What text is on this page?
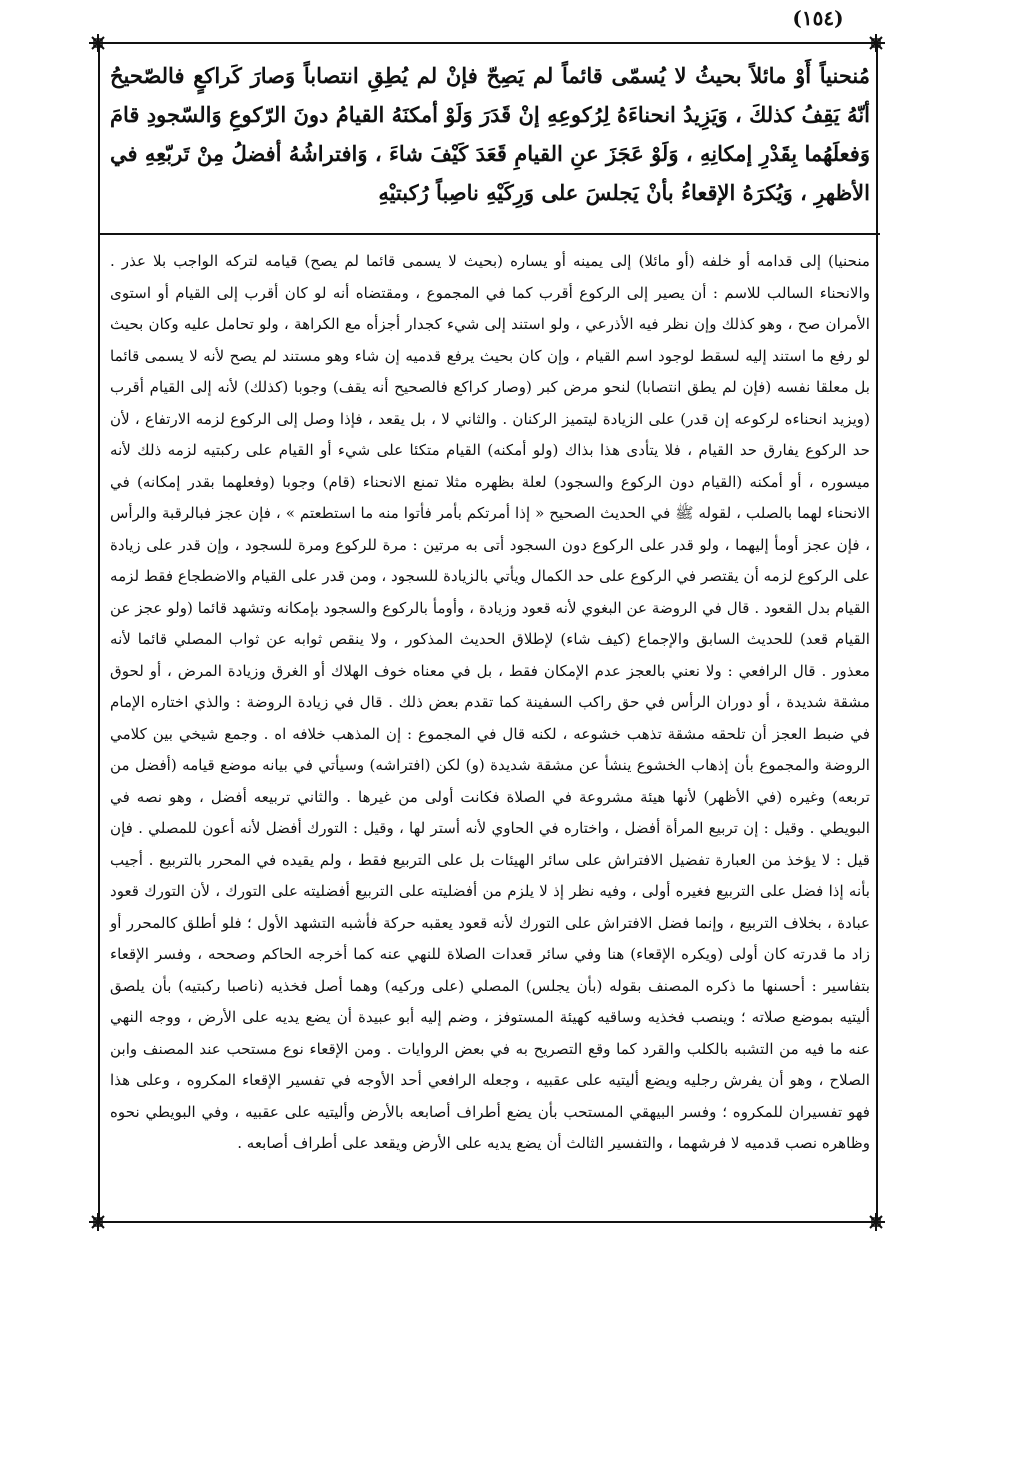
(١٥٤)
مُنحنياً أَوْ مائلاً بحيثُ لا يُسمّى قائماً لم يَصِحّ فإنْ لم يُطِقِ انتصاباً وَصارَ كَراكعٍ فالصّحيحُ أنّهُ يَقِفُ كذلكَ ، وَيَزِيدُ انحناءَهُ لِرُكوعِهِ إنْ قَدَرَ وَلَوْ أمكنَهُ القيامُ دونَ الرّكوعِ وَالسّجودِ قامَ وَفعلَهُما بِقَدْرِ إمكانِهِ ، وَلَوْ عَجَزَ عنِ القيامِ قَعَدَ كَيْفَ شاءَ ، وَافتراشُهُ أفضلُ مِنْ تَربّعِهِ في الأظهرِ ، وَيُكرَهُ الإقعاءُ بأنْ يَجلسَ على وَرِكَيْهِ ناصِباً رُكبتيْهِ

منحنيا) إلى قدامه أو خلفه (أو مائلا) إلى يمينه أو يساره (بحيث لا يسمى قائما لم يصح) قيامه لتركه الواجب بلا عذر . والانحناء السالب للاسم : أن يصير إلى الركوع أقرب كما في المجموع ، ومقتضاه أنه لو كان أقرب إلى القيام أو استوى الأمران صح ، وهو كذلك وإن نظر فيه الأذرعي ، ولو استند إلى شيء كجدار أجزأه مع الكراهة ، ولو تحامل عليه وكان بحيث لو رفع ما استند إليه لسقط لوجود اسم القيام ، وإن كان بحيث يرفع قدميه إن شاء وهو مستند لم يصح لأنه لا يسمى قائما بل معلقا نفسه (فإن لم يطق انتصابا) لنحو مرض كبر (وصار كراكع فالصحيح أنه يقف) وجوبا (كذلك) لأنه إلى القيام أقرب (ويزيد انحناءه لركوعه إن قدر) على الزيادة ليتميز الركنان . والثاني لا ، بل يقعد ، فإذا وصل إلى الركوع لزمه الارتفاع ، لأن حد الركوع يفارق حد القيام ، فلا يتأدى هذا بذاك (ولو أمكنه) القيام متكئا على شيء أو القيام على ركبتيه لزمه ذلك لأنه ميسوره ، أو أمكنه (القيام دون الركوع والسجود) لعلة بظهره مثلا تمنع الانحناء (قام) وجوبا (وفعلهما بقدر إمكانه) في الانحناء لهما بالصلب ، لقوله ﷺ في الحديث الصحيح « إذا أمرتكم بأمر فأتوا منه ما استطعتم » ، فإن عجز فبالرقبة والرأس ، فإن عجز أومأ إليهما ، ولو قدر على الركوع دون السجود أتى به مرتين : مرة للركوع ومرة للسجود ، وإن قدر على زيادة على الركوع لزمه أن يقتصر في الركوع على حد الكمال ويأتي بالزيادة للسجود ، ومن قدر على القيام والاضطجاع فقط لزمه القيام بدل القعود . قال في الروضة عن البغوي لأنه قعود وزيادة ، وأومأ بالركوع والسجود بإمكانه وتشهد قائما (ولو عجز عن القيام قعد) للحديث السابق والإجماع (كيف شاء) لإطلاق الحديث المذكور ، ولا ينقص ثوابه عن ثواب المصلي قائما لأنه معذور . قال الرافعي : ولا نعني بالعجز عدم الإمكان فقط ، بل في معناه خوف الهلاك أو الغرق وزيادة المرض ، أو لحوق مشقة شديدة ، أو دوران الرأس في حق راكب السفينة كما تقدم بعض ذلك . قال في زيادة الروضة : والذي اختاره الإمام في ضبط العجز أن تلحقه مشقة تذهب خشوعه ، لكنه قال في المجموع : إن المذهب خلافه اه . وجمع شيخي بين كلامي الروضة والمجموع بأن إذهاب الخشوع ينشأ عن مشقة شديدة (و) لكن (افتراشه) وسيأتي في بيانه موضع قيامه (أفضل من تربعه) وغيره (في الأظهر) لأنها هيئة مشروعة في الصلاة فكانت أولى من غيرها . والثاني تربيعه أفضل ، وهو نصه في البويطي . وقيل : إن تربيع المرأة أفضل ، واختاره في الحاوي لأنه أستر لها ، وقيل : التورك أفضل لأنه أعون للمصلي . فإن قيل : لا يؤخذ من العبارة تفضيل الافتراش على سائر الهيئات بل على التربيع فقط ، ولم يقيده في المحرر بالتربيع . أجيب بأنه إذا فضل على التربيع فغيره أولى ، وفيه نظر إذ لا يلزم من أفضليته على التربيع أفضليته على التورك ، لأن التورك قعود عبادة ، بخلاف التربيع ، وإنما فضل الافتراش على التورك لأنه قعود يعقبه حركة فأشبه التشهد الأول ؛ فلو أطلق كالمحرر أو زاد ما قدرته كان أولى (ويكره الإقعاء) هنا وفي سائر قعدات الصلاة للنهي عنه كما أخرجه الحاكم وصححه ، وفسر الإقعاء بتفاسير : أحسنها ما ذكره المصنف بقوله (بأن يجلس) المصلي (على وركيه) وهما أصل فخذيه (ناصبا ركبتيه) بأن يلصق أليتيه بموضع صلاته ؛ وينصب فخذيه وساقيه كهيئة المستوفز ، وضم إليه أبو عبيدة أن يضع يديه على الأرض ، ووجه النهي عنه ما فيه من التشبه بالكلب والقرد كما وقع التصريح به في بعض الروايات . ومن الإقعاء نوع مستحب عند المصنف وابن الصلاح ، وهو أن يفرش رجليه ويضع أليتيه على عقبيه ، وجعله الرافعي أحد الأوجه في تفسير الإقعاء المكروه ، وعلى هذا فهو تفسيران للمكروه ؛ وفسر البيهقي المستحب بأن يضع أطراف أصابعه بالأرض وأليتيه على عقبيه ، وفي البويطي نحوه وظاهره نصب قدميه لا فرشهما ، والتفسير الثالث أن يضع يديه على الأرض ويقعد على أطراف أصابعه .
